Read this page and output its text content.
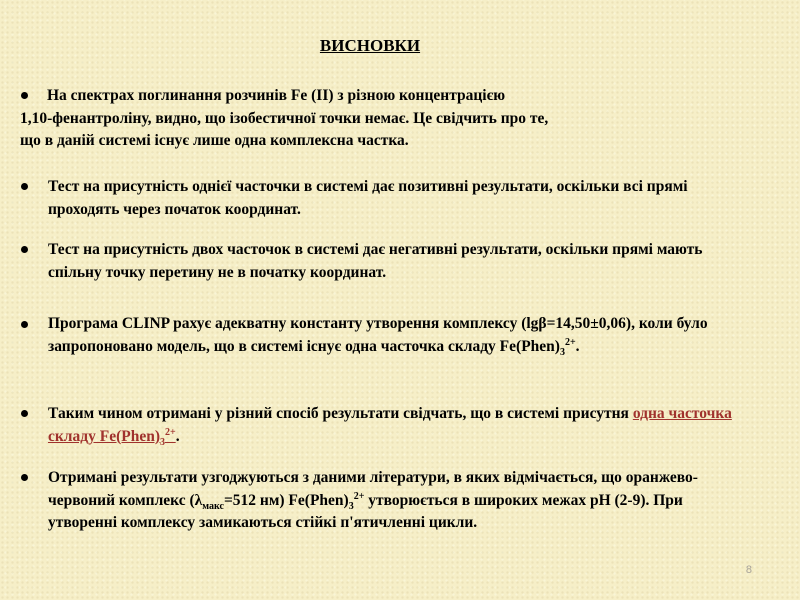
ВИСНОВКИ
На спектрах поглинання розчинів Fe (II) з різною концентрацією
1,10-фенантроліну, видно, що ізобестичної точки немає. Це свідчить про те,
що в даній системі існує лише одна комплексна частка.
Тест на присутність однієї часточки в системі дає позитивні результати, оскільки всі прямі проходять через початок координат.
Тест на присутність двох часточок в системі дає негативні результати, оскільки прямі мають спільну точку перетину не в початку координат.
Програма CLINP рахує адекватну константу утворення комплексу (lgβ=14,50±0,06), коли було запропоновано модель, що в системі існує одна часточка складу $Fe(Phen)_3^{2+}$.
Таким чином отримані у різний спосіб результати свідчать, що в системі присутня одна часточка складу $Fe(Phen)_3^{2+}$.
Отримані результати узгоджуються з даними літератури, в яких відмічається, що оранжево-червоний комплекс ($\lambda_{макс}=512$ нм) $Fe(Phen)_3^{2+}$ утворюється в широких межах рН (2-9). При утворенні комплексу замикаються стійкі п'ятичленні цикли.
8
